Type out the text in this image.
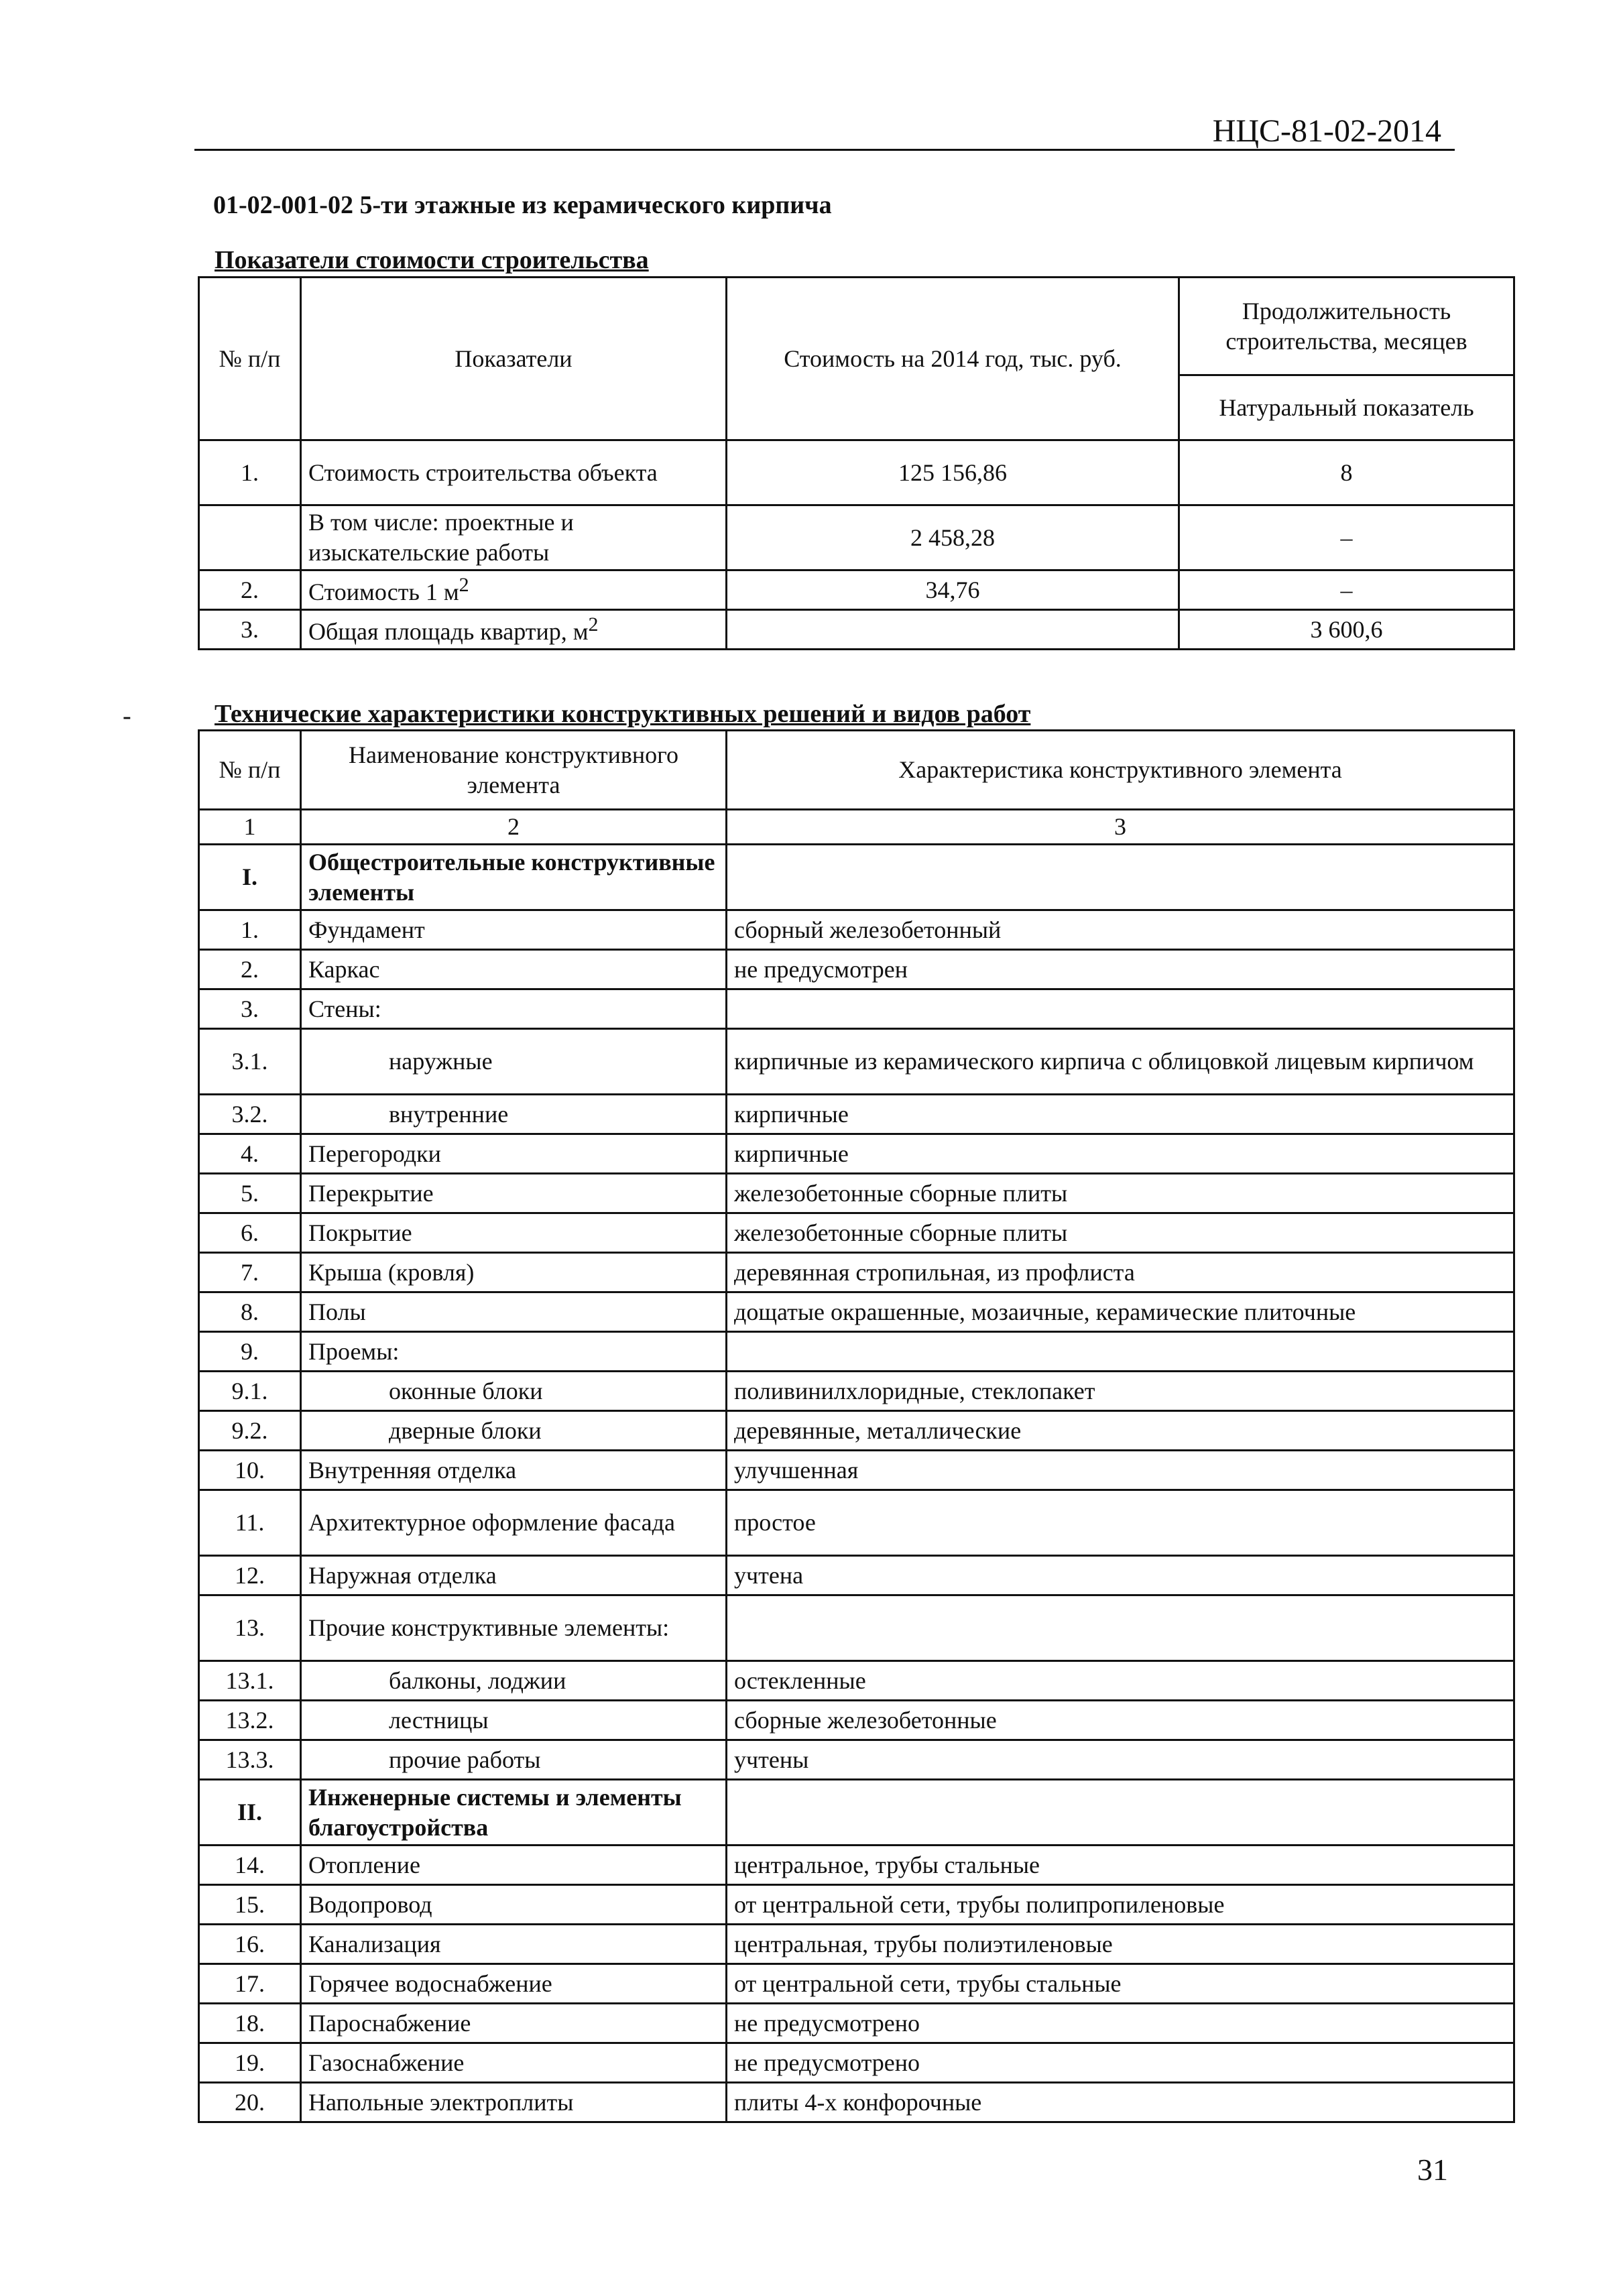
НЦС-81-02-2014
01-02-001-02 5-ти этажные из керамического кирпича
Показатели стоимости строительства
№ п/п	Показатели	Стоимость на 2014 год, тыс. руб.	Продолжительность строительства, месяцев
			Натуральный показатель
1.	Стоимость строительства объекта	125 156,86	8
	В том числе: проектные и изыскательские работы	2 458,28	–
2.	Стоимость 1 $м^2$	34,76	–
3.	Общая площадь квартир, $м^2$		3 600,6
-	Технические характеристики конструктивных решений и видов работ
№ п/п	Наименование конструктивного элемента	Характеристика конструктивного элемента
1	2	3
I.	Общестроительные конструктивные элементы	
1.	Фундамент	сборный железобетонный
2.	Каркас	не предусмотрен
3.	Стены:	
3.1.	наружные	кирпичные из керамического кирпича с облицовкой лицевым кирпичом
3.2.	внутренние	кирпичные
4.	Перегородки	кирпичные
5.	Перекрытие	железобетонные сборные плиты
6.	Покрытие	железобетонные сборные плиты
7.	Крыша (кровля)	деревянная стропильная, из профлиста
8.	Полы	дощатые окрашенные, мозаичные, керамические плиточные
9.	Проемы:	
9.1.	оконные блоки	поливинилхлоридные, стеклопакет
9.2.	дверные блоки	деревянные, металлические
10.	Внутренняя отделка	улучшенная
11.	Архитектурное оформление фасада	простое
12.	Наружная отделка	учтена
13.	Прочие конструктивные элементы:	
13.1.	балконы, лоджии	остекленные
13.2.	лестницы	сборные железобетонные
13.3.	прочие работы	учтены
II.	Инженерные системы и элементы благоустройства	
14.	Отопление	центральное, трубы стальные
15.	Водопровод	от центральной сети, трубы полипропиленовые
16.	Канализация	центральная, трубы полиэтиленовые
17.	Горячее водоснабжение	от центральной сети, трубы стальные
18.	Пароснабжение	не предусмотрено
19.	Газоснабжение	не предусмотрено
20.	Напольные электроплиты	плиты 4-х конфорочные
31
